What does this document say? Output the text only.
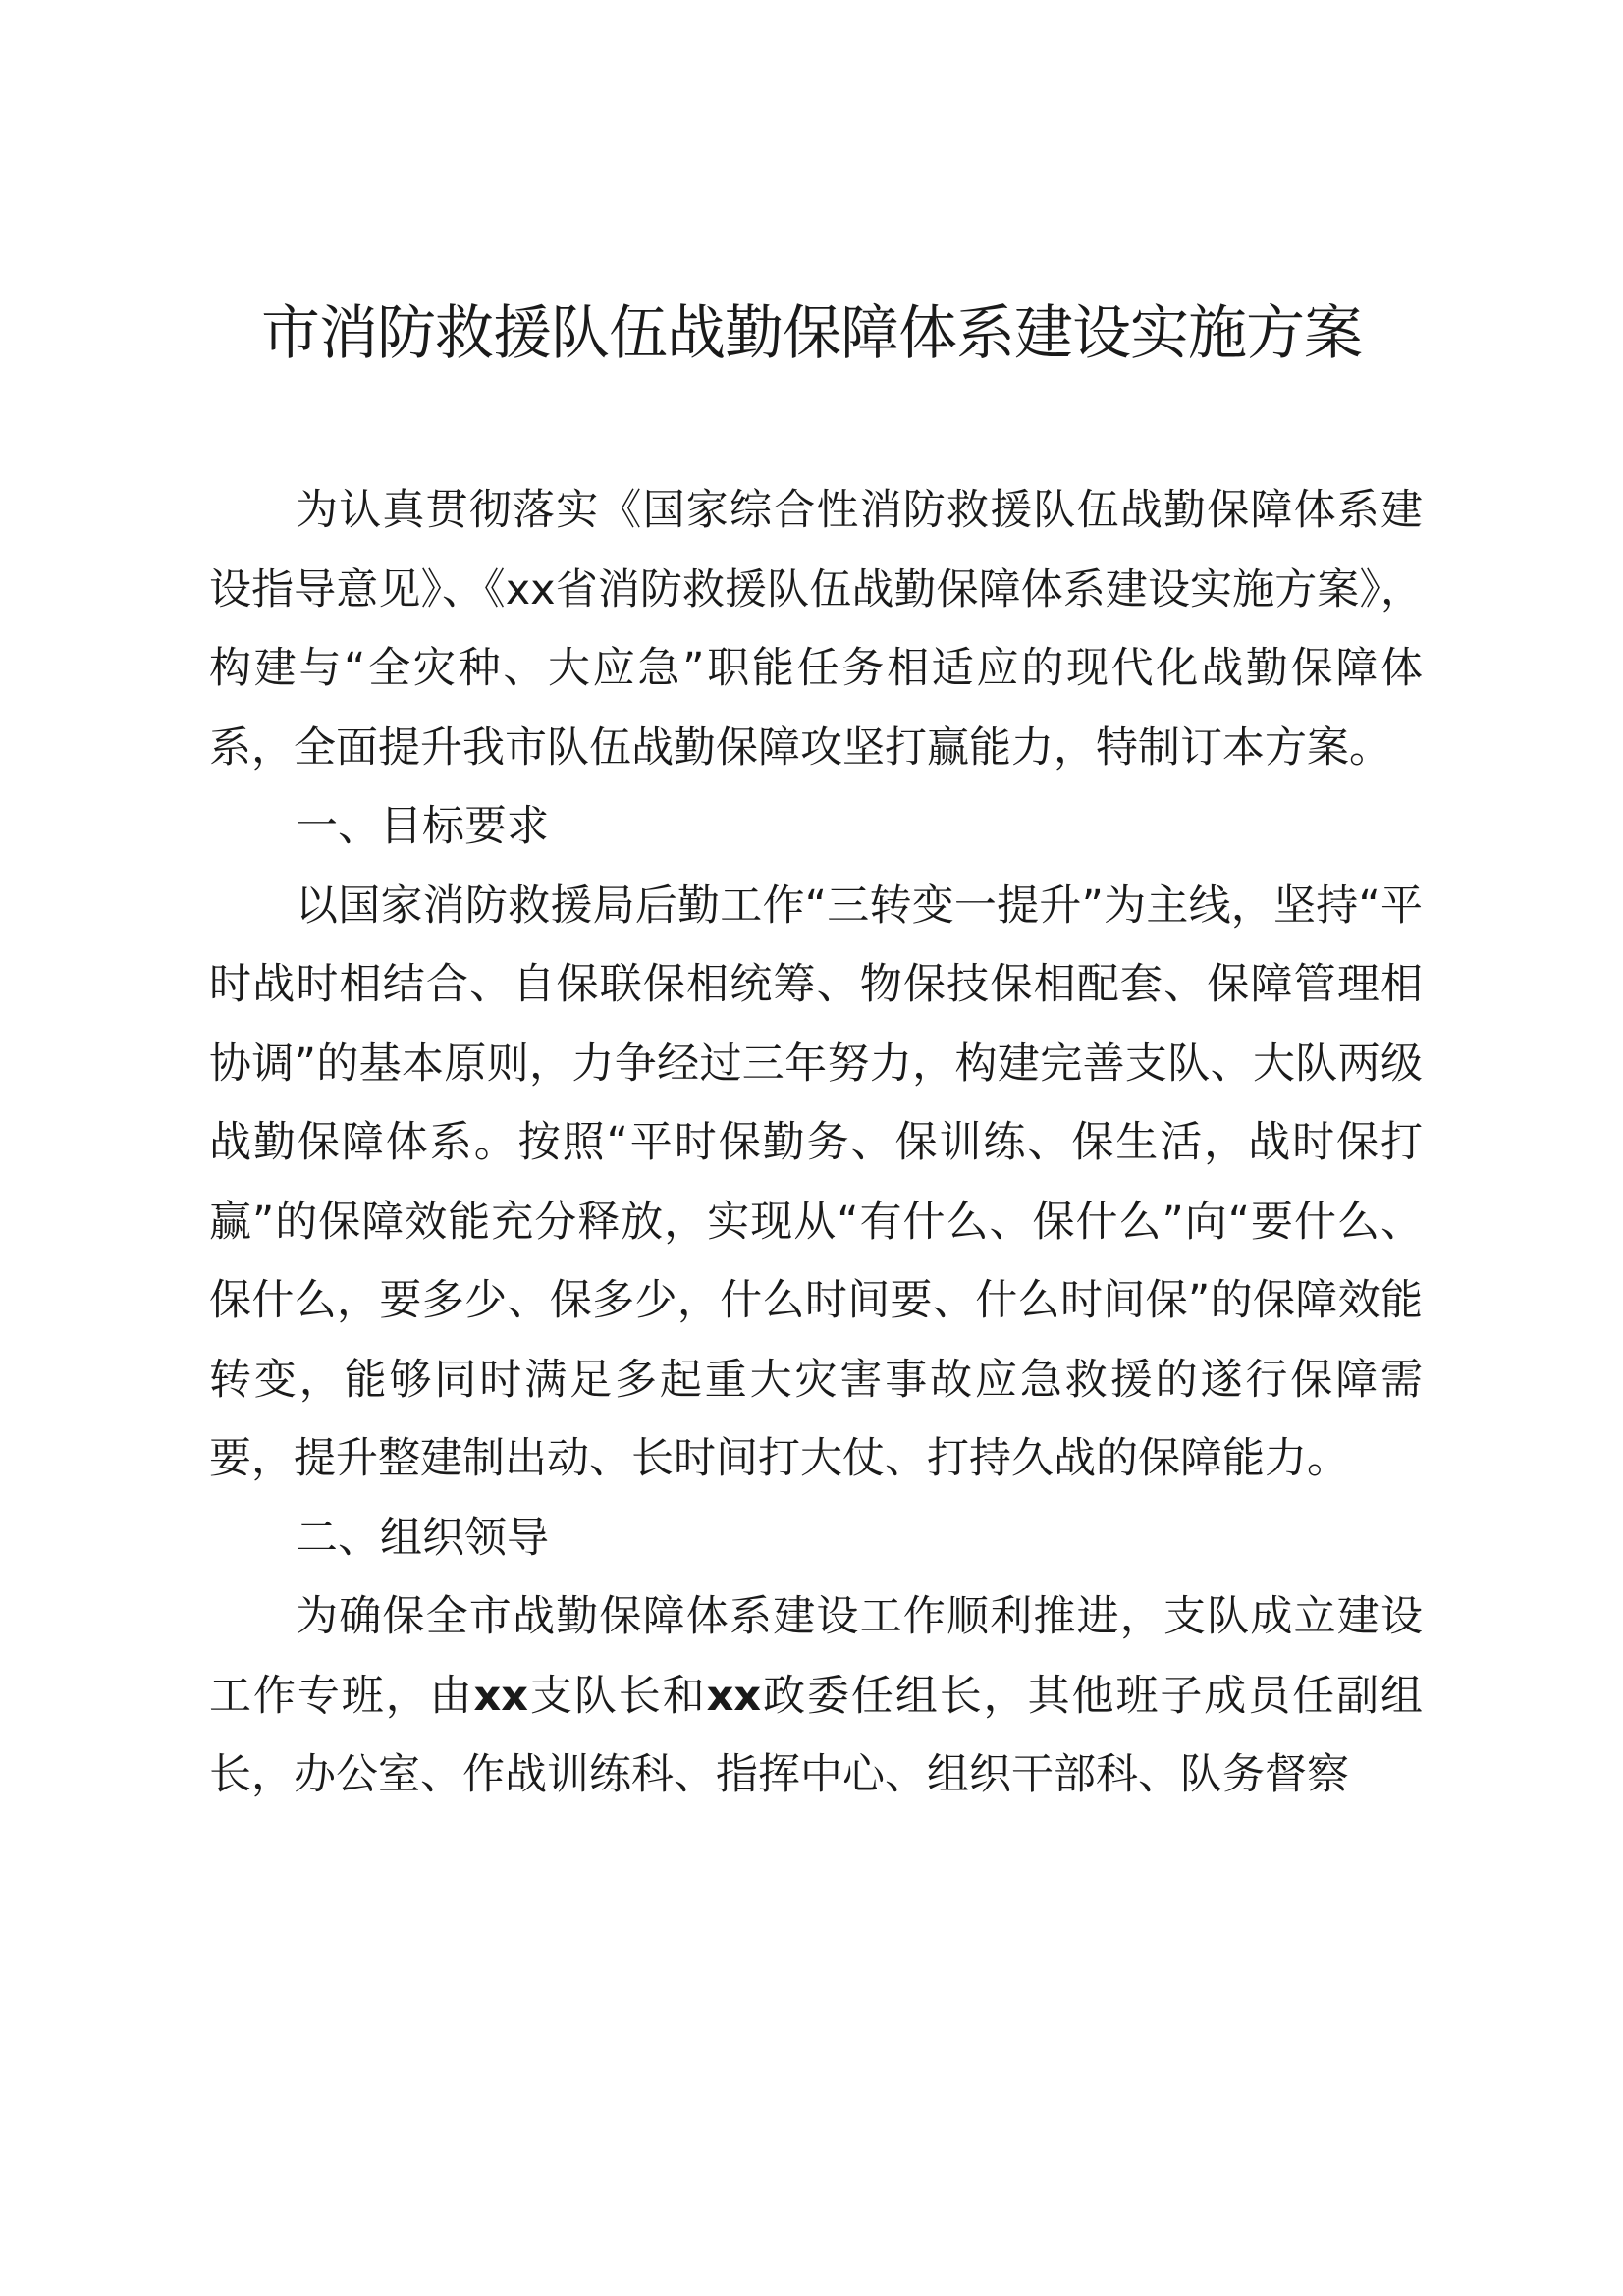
市消防救援队伍战勤保障体系建设实施方案

为认真贯彻落实《国家综合性消防救援队伍战勤保障体系建设指导意见》、《xx省消防救援队伍战勤保障体系建设实施方案》，构建与“全灾种、大应急”职能任务相适应的现代化战勤保障体系，全面提升我市队伍战勤保障攻坚打赢能力，特制订本方案。

一、目标要求

以国家消防救援局后勤工作“三转变一提升”为主线，坚持“平时战时相结合、自保联保相统筹、物保技保相配套、保障管理相协调”的基本原则，力争经过三年努力，构建完善支队、大队两级战勤保障体系。按照“平时保勤务、保训练、保生活，战时保打赢”的保障效能充分释放，实现从“有什么、保什么”向“要什么、保什么，要多少、保多少，什么时间要、什么时间保”的保障效能转变，能够同时满足多起重大灾害事故应急救援的遂行保障需要，提升整建制出动、长时间打大仗、打持久战的保障能力。

二、组织领导

为确保全市战勤保障体系建设工作顺利推进，支队成立建设工作专班，由xx支队长和xx政委任组长，其他班子成员任副组长，办公室、作战训练科、指挥中心、组织干部科、队务督察
